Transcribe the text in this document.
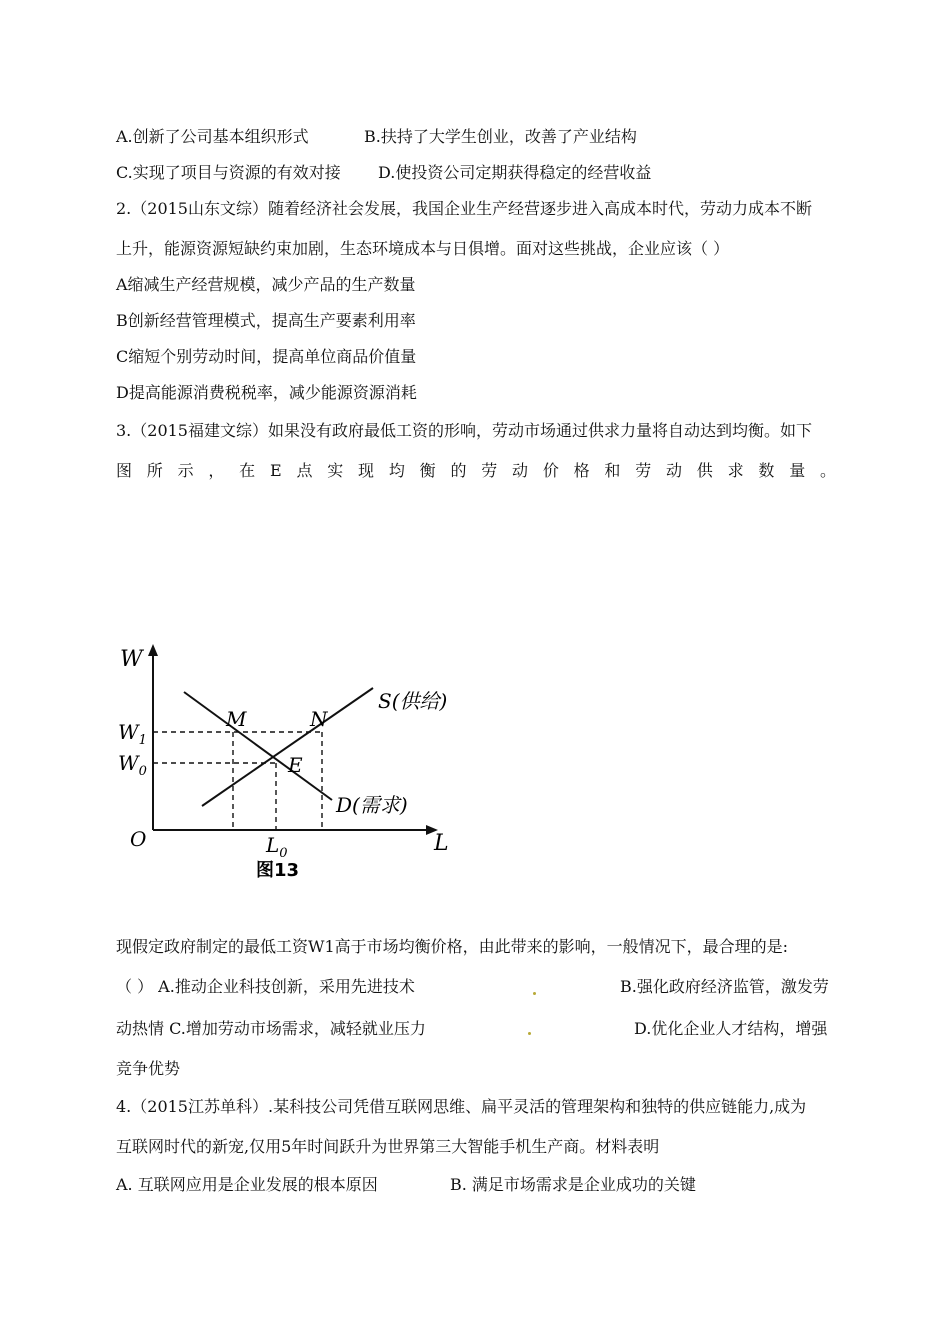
A.创新了公司基本组织形式	B.扶持了大学生创业，改善了产业结构
C.实现了项目与资源的有效对接 D.使投资公司定期获得稳定的经营收益
2.（2015山东文综）随着经济社会发展，我国企业生产经营逐步进入高成本时代，劳动力成本不断
上升，能源资源短缺约束加剧，生态环境成本与日俱增。面对这些挑战，企业应该（ ）
A缩减生产经营规模，减少产品的生产数量
B创新经营管理模式，提高生产要素利用率
C缩短个别劳动时间，提高单位商品价值量
D提高能源消费税税率，减少能源资源消耗
3.（2015福建文综）如果没有政府最低工资的形响，劳动市场通过供求力量将自动达到均衡。如下
图所示，在E点实现均衡的劳动价格和劳动供求数量。
W
L
O
$W_1$
$W_0$
$L_0$
M	N
E
S(供给)
D(需求)
图13
现假定政府制定的最低工资W1高于市场均衡价格，由此带来的影响，一般情况下，最合理的是:
（ ） A.推动企业科技创新，采用先进技术	B.强化政府经济监管，激发劳
动热情 C.增加劳动市场需求，减轻就业压力	D.优化企业人才结构，增强
竞争优势
4.（2015江苏单科）.某科技公司凭借互联网思维、扁平灵活的管理架构和独特的供应链能力,成为
互联网时代的新宠,仅用5年时间跃升为世界第三大智能手机生产商。材料表明
A. 互联网应用是企业发展的根本原因	B. 满足市场需求是企业成功的关键
